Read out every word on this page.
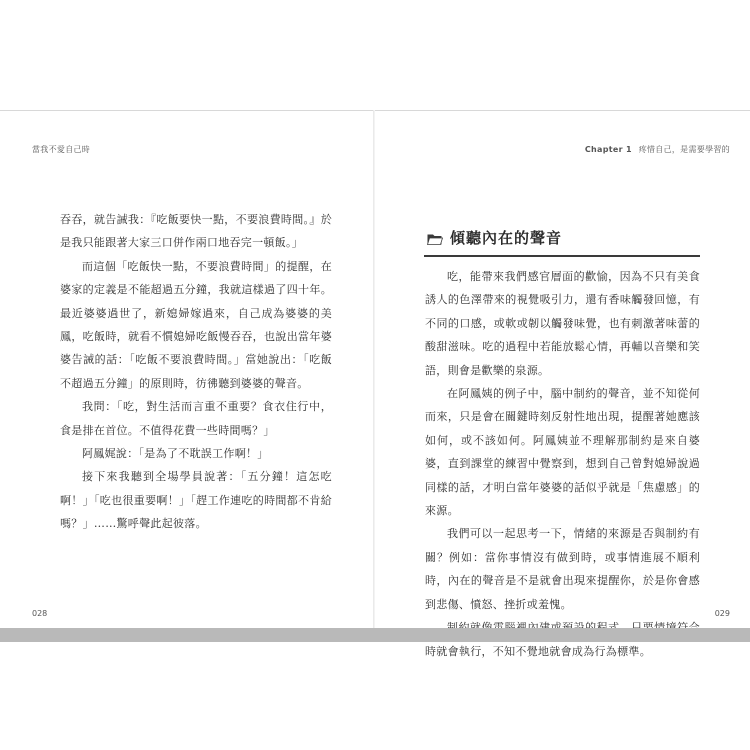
當我不愛自己時

吞吞，就告誡我：『吃飯要快一點，不要浪費時間。』於是我只能跟著大家三口併作兩口地吞完一頓飯。」

而這個「吃飯快一點，不要浪費時間」的提醒，在婆家的定義是不能超過五分鐘，我就這樣過了四十年。最近婆婆過世了，新媳婦嫁過來，自己成為婆婆的美鳳，吃飯時，就看不慣媳婦吃飯慢吞吞，也說出當年婆婆告誡的話：「吃飯不要浪費時間。」當她說出：「吃飯不超過五分鐘」的原則時，彷彿聽到婆婆的聲音。

我問：「吃，對生活而言重不重要？食衣住行中，食是排在首位。不值得花費一些時間嗎？」

阿鳳娓說：「是為了不耽誤工作啊！」

接下來我聽到全場學員說著：「五分鐘！這怎吃啊！」「吃也很重要啊！」「趕工作連吃的時間都不肯給嗎？」……驚呼聲此起彼落。

028
Chapter 1 疼惜自己，是需要學習的
傾聽內在的聲音

吃，能帶來我們感官層面的歡愉，因為不只有美食誘人的色澤帶來的視覺吸引力，還有香味觸發回憶，有不同的口感，或軟或韌以觸發味覺，也有刺激著味蕾的酸甜滋味。吃的過程中若能放鬆心情，再輔以音樂和笑語，則會是歡樂的泉源。

在阿鳳姨的例子中，腦中制約的聲音，並不知從何而來，只是會在關鍵時刻反射性地出現，提醒著她應該如何，或不該如何。阿鳳姨並不理解那制約是來自婆婆，直到課堂的練習中覺察到，想到自己曾對媳婦說過同樣的話，才明白當年婆婆的話似乎就是「焦慮感」的來源。

我們可以一起思考一下，情緒的來源是否與制約有關？例如：當你事情沒有做到時，或事情進展不順利時，內在的聲音是不是就會出現來提醒你，於是你會感到悲傷、憤怒、挫折或羞愧。

時就會執行，不知不覺地就會成為行為標準。

029
